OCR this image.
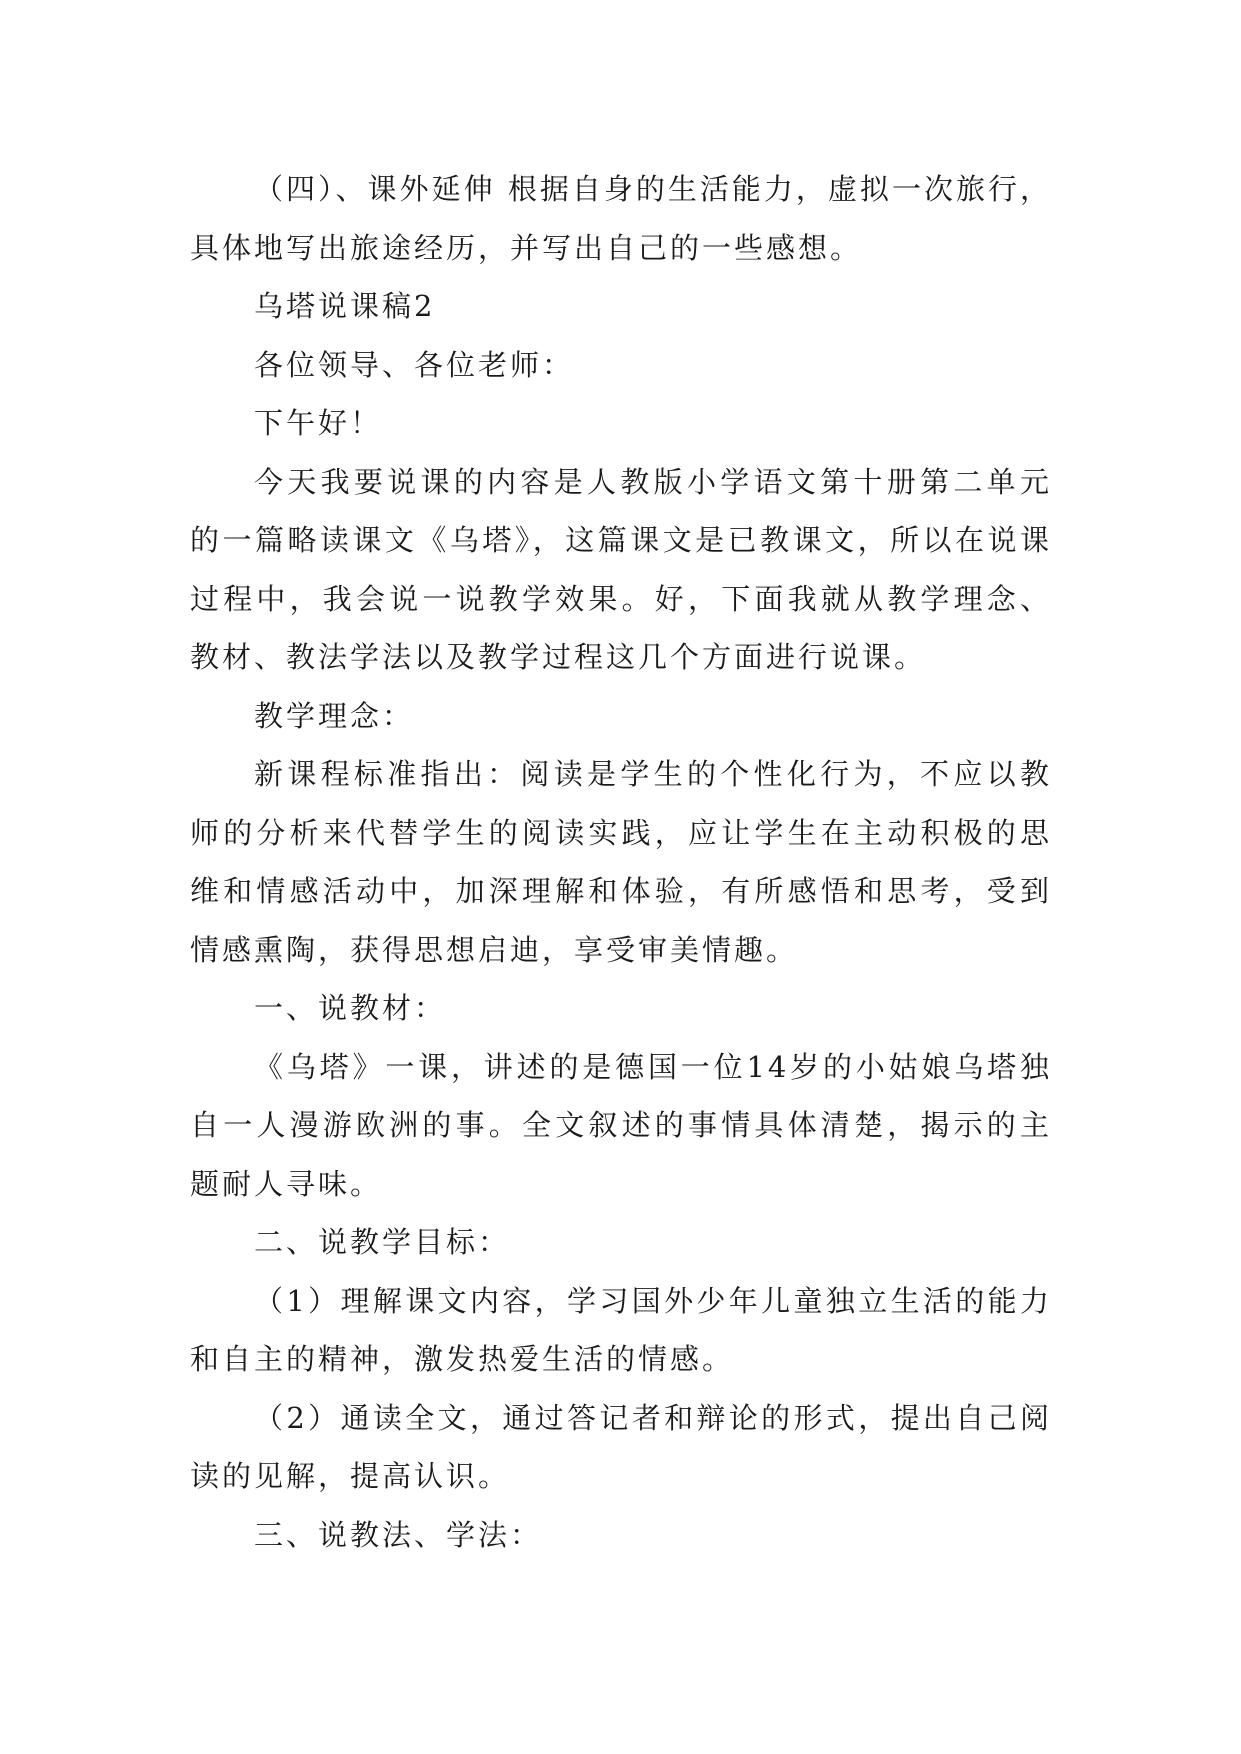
（四）、课外延伸 根据自身的生活能力，虚拟一次旅行，具体地写出旅途经历，并写出自己的一些感想。

乌塔说课稿2

各位领导、各位老师：

下午好！

今天我要说课的内容是人教版小学语文第十册第二单元的一篇略读课文《乌塔》，这篇课文是已教课文，所以在说课过程中，我会说一说教学效果。好，下面我就从教学理念、教材、教法学法以及教学过程这几个方面进行说课。

教学理念：

新课程标准指出：阅读是学生的个性化行为，不应以教师的分析来代替学生的阅读实践，应让学生在主动积极的思维和情感活动中，加深理解和体验，有所感悟和思考，受到情感熏陶，获得思想启迪，享受审美情趣。

一、说教材：

《乌塔》一课，讲述的是德国一位14岁的小姑娘乌塔独自一人漫游欧洲的事。全文叙述的事情具体清楚，揭示的主题耐人寻味。

二、说教学目标：

（1）理解课文内容，学习国外少年儿童独立生活的能力和自主的精神，激发热爱生活的情感。

（2）通读全文，通过答记者和辩论的形式，提出自己阅读的见解，提高认识。

三、说教法、学法：
